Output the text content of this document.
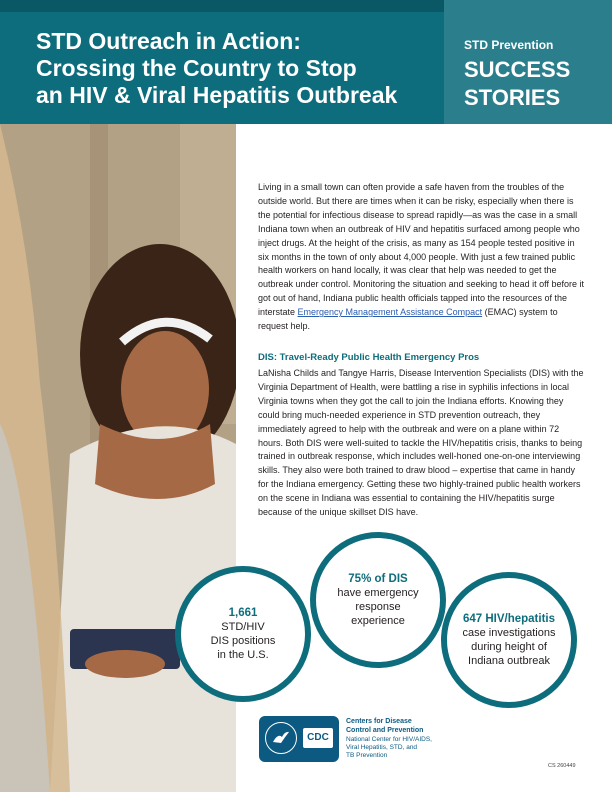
STD Outreach in Action:
Crossing the Country to Stop
an HIV & Viral Hepatitis Outbreak
STD Prevention
SUCCESS
STORIES

Living in a small town can often provide a safe haven from the troubles of the outside world. But there are times when it can be risky, especially when there is the potential for infectious disease to spread rapidly—as was the case in a small Indiana town when an outbreak of HIV and hepatitis surfaced among people who inject drugs. At the height of the crisis, as many as 154 people tested positive in six months in the town of only about 4,000 people. With just a few trained public health workers on hand locally, it was clear that help was needed to get the outbreak under control. Monitoring the situation and seeking to head it off before it got out of hand, Indiana public health officials tapped into the resources of the interstate Emergency Management Assistance Compact (EMAC) system to request help.

DIS: Travel-Ready Public Health Emergency Pros

LaNisha Childs and Tangye Harris, Disease Intervention Specialists (DIS) with the Virginia Department of Health, were battling a rise in syphilis infections in local Virginia towns when they got the call to join the Indiana efforts. Knowing they could bring much-needed experience in STD prevention outreach, they immediately agreed to help with the outbreak and were on a plane within 72 hours. Both DIS were well-suited to tackle the HIV/hepatitis crisis, thanks to being trained in outbreak response, which includes well-honed one-on-one interviewing skills. They also were both trained to draw blood – expertise that came in handy for the Indiana emergency. Getting these two highly-trained public health workers on the scene in Indiana was essential to containing the HIV/hepatitis surge because of the unique skillset DIS have.

1,661
STD/HIV
DIS positions
in the U.S.
75% of DIS
have emergency
response
experience	647 HIV/hepatitis
case investigations
during height of
Indiana outbreak
CDC
Centers for Disease
Control and Prevention
National Center for HIV/AIDS,
Viral Hepatitis, STD, and
TB Prevention
CS 260449
